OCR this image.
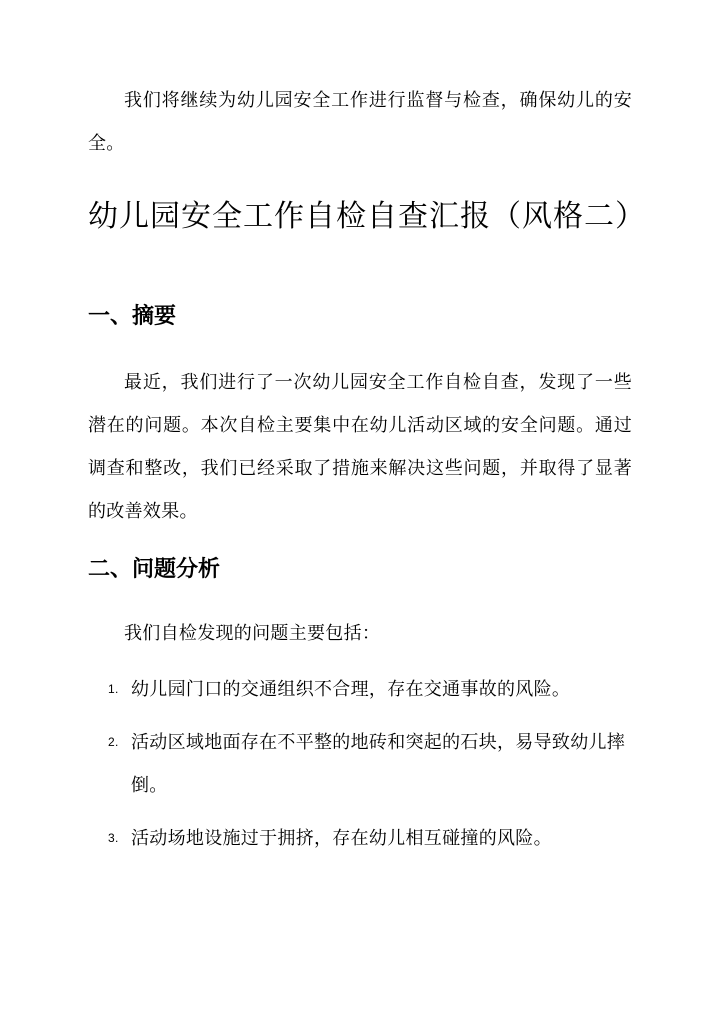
我们将继续为幼儿园安全工作进行监督与检查，确保幼儿的安全。

幼儿园安全工作自检自查汇报（风格二）
一、摘要

最近，我们进行了一次幼儿园安全工作自检自查，发现了一些潜在的问题。本次自检主要集中在幼儿活动区域的安全问题。通过调查和整改，我们已经采取了措施来解决这些问题，并取得了显著的改善效果。

二、问题分析

我们自检发现的问题主要包括：

1. 幼儿园门口的交通组织不合理，存在交通事故的风险。
2. 活动区域地面存在不平整的地砖和突起的石块，易导致幼儿摔倒。
3. 活动场地设施过于拥挤，存在幼儿相互碰撞的风险。
